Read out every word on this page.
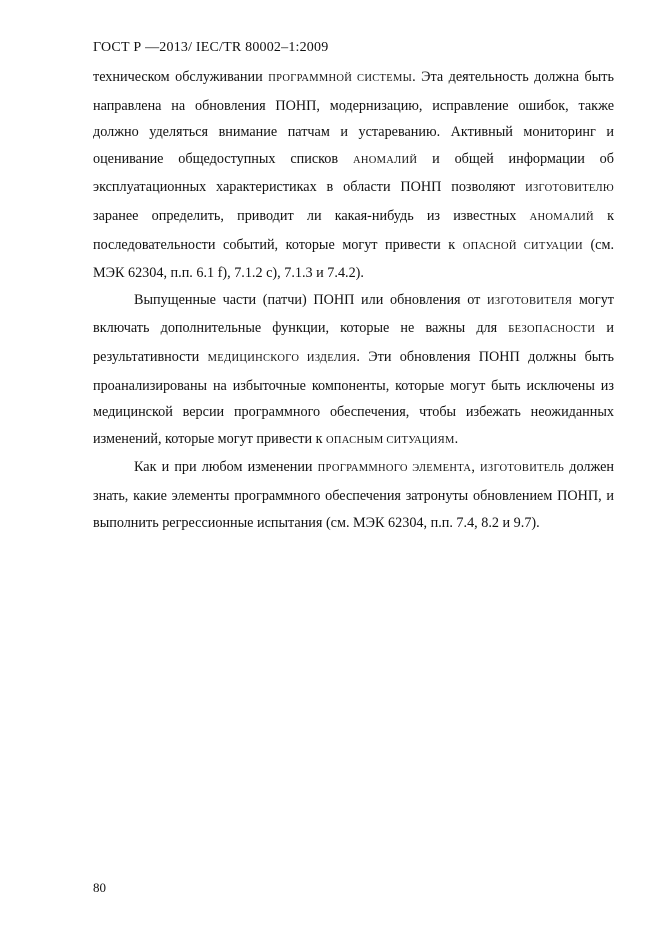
ГОСТ Р —2013/ IEC/TR 80002–1:2009

техническом обслуживании ПРОГРАММНОЙ СИСТЕМЫ. Эта деятельность должна быть направлена на обновления ПОНП, модернизацию, исправление ошибок, также должно уделяться внимание патчам и устареванию. Активный мониторинг и оценивание общедоступных списков АНОМАЛИЙ и общей информации об эксплуатационных характеристиках в области ПОНП позволяют ИЗГОТОВИТЕЛЮ заранее определить, приводит ли какая-нибудь из известных АНОМАЛИЙ к последовательности событий, которые могут привести к ОПАСНОЙ СИТУАЦИИ (см. МЭК 62304, п.п. 6.1 f), 7.1.2 с), 7.1.3 и 7.4.2).

Выпущенные части (патчи) ПОНП или обновления от ИЗГОТОВИТЕЛЯ могут включать дополнительные функции, которые не важны для БЕЗОПАСНОСТИ и результативности МЕДИЦИНСКОГО ИЗДЕЛИЯ. Эти обновления ПОНП должны быть проанализированы на избыточные компоненты, которые могут быть исключены из медицинской версии программного обеспечения, чтобы избежать неожиданных изменений, которые могут привести к ОПАСНЫМ СИТУАЦИЯМ.

Как и при любом изменении ПРОГРАММНОГО ЭЛЕМЕНТА, ИЗГОТОВИТЕЛЬ должен знать, какие элементы программного обеспечения затронуты обновлением ПОНП, и выполнить регрессионные испытания (см. МЭК 62304, п.п. 7.4, 8.2 и 9.7).

80
